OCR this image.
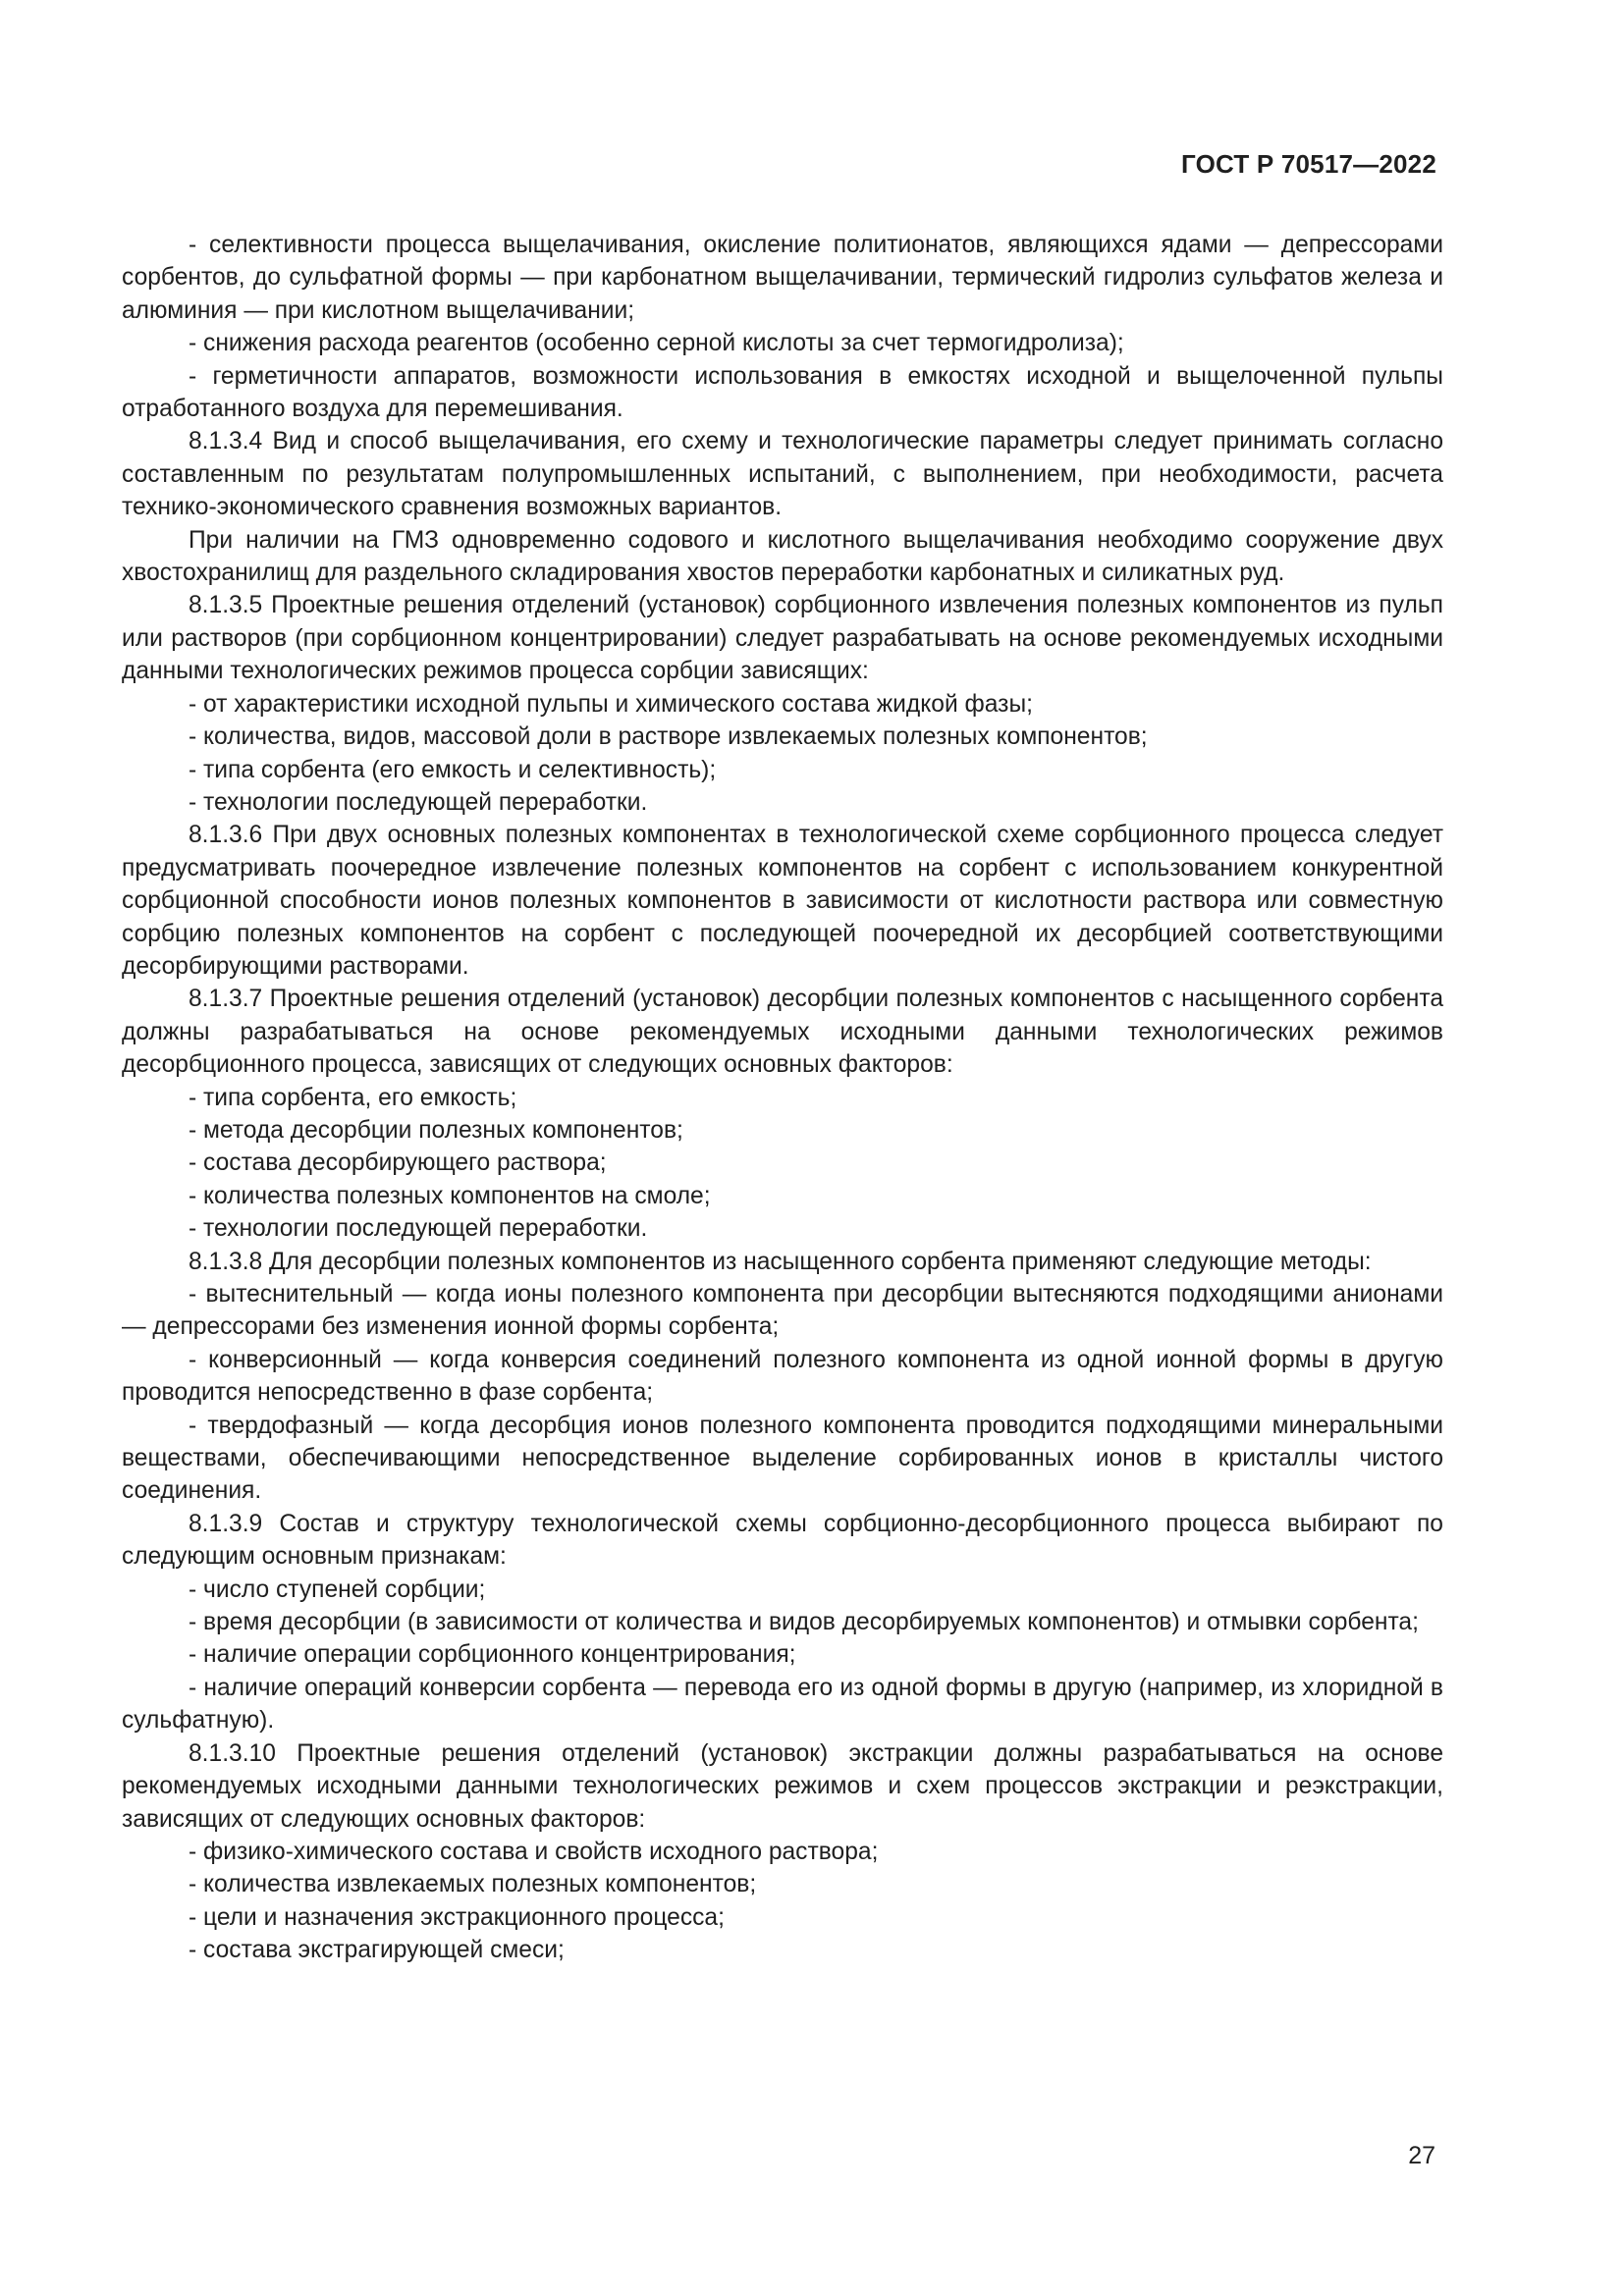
ГОСТ Р 70517—2022

- селективности процесса выщелачивания, окисление политионатов, являющихся ядами — депрессорами сорбентов, до сульфатной формы — при карбонатном выщелачивании, термический гидролиз сульфатов железа и алюминия — при кислотном выщелачивании;

- снижения расхода реагентов (особенно серной кислоты за счет термогидролиза);

- герметичности аппаратов, возможности использования в емкостях исходной и выщелоченной пульпы отработанного воздуха для перемешивания.

8.1.3.4 Вид и способ выщелачивания, его схему и технологические параметры следует принимать согласно составленным по результатам полупромышленных испытаний, с выполнением, при необходимости, расчета технико-экономического сравнения возможных вариантов.

При наличии на ГМЗ одновременно содового и кислотного выщелачивания необходимо сооружение двух хвостохранилищ для раздельного складирования хвостов переработки карбонатных и силикатных руд.

8.1.3.5 Проектные решения отделений (установок) сорбционного извлечения полезных компонентов из пульп или растворов (при сорбционном концентрировании) следует разрабатывать на основе рекомендуемых исходными данными технологических режимов процесса сорбции зависящих:

- от характеристики исходной пульпы и химического состава жидкой фазы;

- количества, видов, массовой доли в растворе извлекаемых полезных компонентов;

- типа сорбента (его емкость и селективность);

- технологии последующей переработки.

8.1.3.6 При двух основных полезных компонентах в технологической схеме сорбционного процесса следует предусматривать поочередное извлечение полезных компонентов на сорбент с использованием конкурентной сорбционной способности ионов полезных компонентов в зависимости от кислотности раствора или совместную сорбцию полезных компонентов на сорбент с последующей поочередной их десорбцией соответствующими десорбирующими растворами.

8.1.3.7 Проектные решения отделений (установок) десорбции полезных компонентов с насыщенного сорбента должны разрабатываться на основе рекомендуемых исходными данными технологических режимов десорбционного процесса, зависящих от следующих основных факторов:

- типа сорбента, его емкость;

- метода десорбции полезных компонентов;

- состава десорбирующего раствора;

- количества полезных компонентов на смоле;

- технологии последующей переработки.

8.1.3.8 Для десорбции полезных компонентов из насыщенного сорбента применяют следующие методы:

- вытеснительный — когда ионы полезного компонента при десорбции вытесняются подходящими анионами — депрессорами без изменения ионной формы сорбента;

- конверсионный — когда конверсия соединений полезного компонента из одной ионной формы в другую проводится непосредственно в фазе сорбента;

- твердофазный — когда десорбция ионов полезного компонента проводится подходящими минеральными веществами, обеспечивающими непосредственное выделение сорбированных ионов в кристаллы чистого соединения.

8.1.3.9 Состав и структуру технологической схемы сорбционно-десорбционного процесса выбирают по следующим основным признакам:

- число ступеней сорбции;

- время десорбции (в зависимости от количества и видов десорбируемых компонентов) и отмывки сорбента;

- наличие операции сорбционного концентрирования;

- наличие операций конверсии сорбента — перевода его из одной формы в другую (например, из хлоридной в сульфатную).

8.1.3.10 Проектные решения отделений (установок) экстракции должны разрабатываться на основе рекомендуемых исходными данными технологических режимов и схем процессов экстракции и реэкстракции, зависящих от следующих основных факторов:

- физико-химического состава и свойств исходного раствора;

- количества извлекаемых полезных компонентов;

- цели и назначения экстракционного процесса;

- состава экстрагирующей смеси;

27
